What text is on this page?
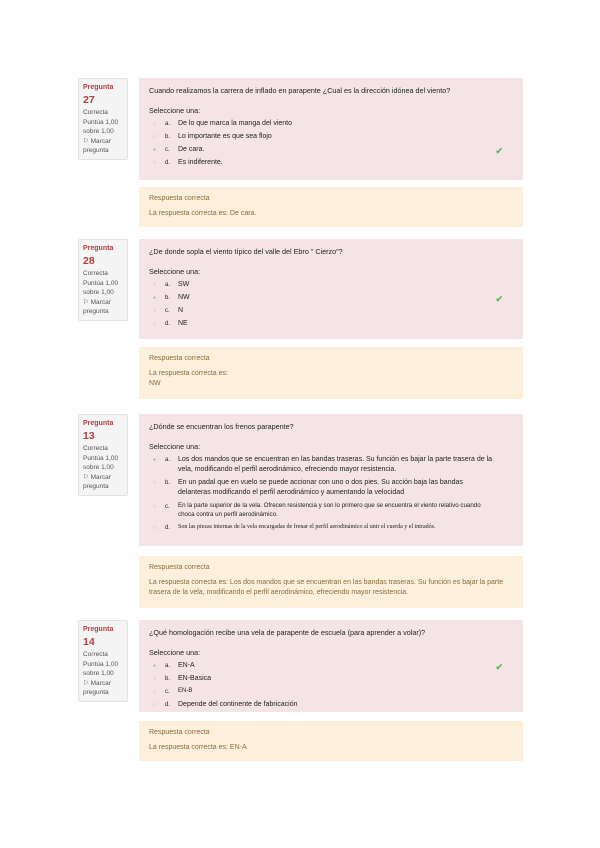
Pregunta 27
Correcta
Puntúa 1,00
sobre 1,00
⚐ Marcar
pregunta
Cuando realizamos la carrera de inflado en parapente ¿Cual es la dirección idónea del viento?
Seleccione una:
○	a.	De lo que marca la manga del viento
○	b.	Lo importante es que sea flojo
●	c.	De cara.	✔
○	d.	Es indiferente.
Respuesta correcta
La respuesta correcta es: De cara.
Pregunta 28
Correcta
Puntúa 1,00
sobre 1,00
⚐ Marcar
pregunta
¿De donde sopla el viento típico del valle del Ebro " Cierzo"?
Seleccione una:
○	a.	SW
●	b.	NW	✔
○	c.	N
○	d.	NE
Respuesta correcta
La respuesta correcta es:
NW
Pregunta 13
Correcta
Puntúa 1,00
sobre 1,00
⚐ Marcar
pregunta
¿Dónde se encuentran los frenos parapente?
Seleccione una:
●	a.	Los dos mandos que se encuentran en las bandas traseras. Su función es bajar la parte trasera de la vela, modificando el perfil aerodinámico, efreciendo mayor resistencia.
○	b.	En un padal que en vuelo se puede accionar con uno o dos pies. Su acción baja las bandas delanteras modificando el perfil aerodinámico y aumentando la velocidad
○	c.	En la parte superior de la vela. Ofrecen resistencia y son lo primero que se encuentra el viento relativo cuando choca contra un perfil aerodinámico.
○	d.	Son las piezas internas de la vela encargadas de frenar el perfil aerodinámico al unir el cuerda y el intradós.
Respuesta correcta
La respuesta correcta es: Los dos mandos que se encuentran en las bandas traseras. Su función es bajar la parte trasera de la vela, modificando el perfil aerodinámico, efreciendo mayor resistencia.
Pregunta 14
Correcta
Puntúa 1,00
sobre 1,00
⚐ Marcar
pregunta
¿Qué homologación recibe una vela de parapente de escuela (para aprender a volar)?
Seleccione una:
●	a.	EN-A	✔
○	b.	EN-Basica
○	c.	EN-B
○	d.	Depende del continente de fabricación
Respuesta correcta
La respuesta correcta es: EN-A
